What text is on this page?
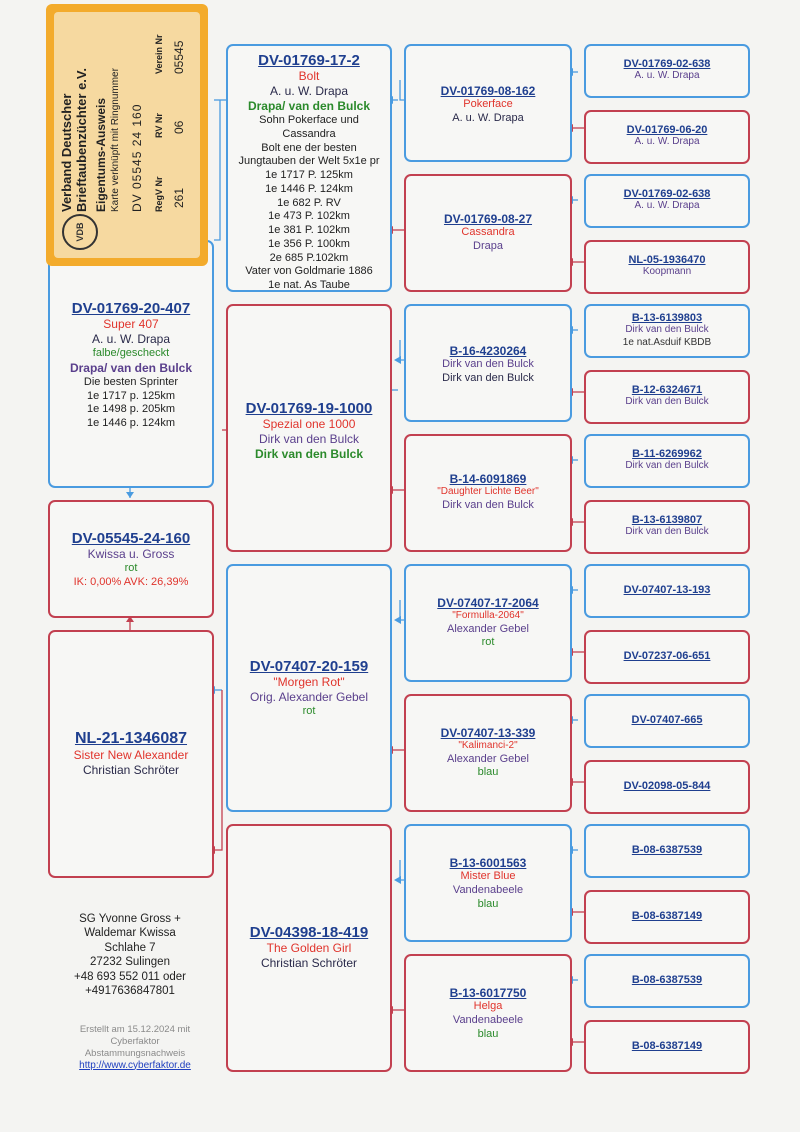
DV-01769-20-407
Super 407
A. u. W. Drapa
falbe/gescheckt
Drapa/ van den Bulck
Die besten Sprinter
1e 1717 p. 125km
1e 1498 p. 205km
1e 1446 p. 124km
DV-05545-24-160
Kwissa u. Gross
rot
IK: 0,00% AVK: 26,39%
NL-21-1346087
Sister New Alexander
Christian Schröter
DV-01769-17-2
Bolt
A. u. W. Drapa
Drapa/ van den Bulck
Sohn Pokerface und
Cassandra
Bolt ene der besten
Jungtauben der Welt 5x1e pr
1e 1717 P. 125km
1e 1446 P. 124km
1e 682 P. RV
1e 473 P. 102km
1e 381 P. 102km
1e 356 P. 100km
2e 685 P.102km
Vater von Goldmarie 1886
1e nat. As Taube
DV-01769-19-1000
Spezial one 1000
Dirk van den Bulck
Dirk van den Bulck
DV-07407-20-159
"Morgen Rot"
Orig. Alexander Gebel
rot
DV-04398-18-419
The Golden Girl
Christian Schröter
DV-01769-08-162
Pokerface
A. u. W. Drapa
DV-01769-08-27
Cassandra
Drapa
B-16-4230264
Dirk van den Bulck
Dirk van den Bulck
B-14-6091869
"Daughter Lichte Beer"
Dirk van den Bulck
DV-07407-17-2064
"Formulla-2064"
Alexander Gebel
rot
DV-07407-13-339
"Kalimanci-2"
Alexander Gebel
blau
B-13-6001563
Mister Blue
Vandenabeele
blau
B-13-6017750
Helga
Vandenabeele
blau
DV-01769-02-638
A. u. W. Drapa
DV-01769-06-20
A. u. W. Drapa
DV-01769-02-638
A. u. W. Drapa
NL-05-1936470
Koopmann
B-13-6139803
Dirk van den Bulck
1e nat.Asduif KBDB
B-12-6324671
Dirk van den Bulck
B-11-6269962
Dirk van den Bulck
B-13-6139807
Dirk van den Bulck
DV-07407-13-193
DV-07237-06-651
DV-07407-665
DV-02098-05-844
B-08-6387539
B-08-6387149
B-08-6387539
B-08-6387149
VDB
Verband Deutscher
Brieftaubenzüchter e.V. Eigentums-Ausweis Karte verknüpft mit Ringnummer DV 05545 24 160 RegV Nr
RV Nr
Verein Nr
261
06
05545
SG Yvonne Gross +
Waldemar Kwissa
Schlahe 7
27232 Sulingen
+48 693 552 011 oder
+4917636847801
Erstellt am 15.12.2024 mit
Cyberfaktor
Abstammungsnachweis
http://www.cyberfaktor.de
